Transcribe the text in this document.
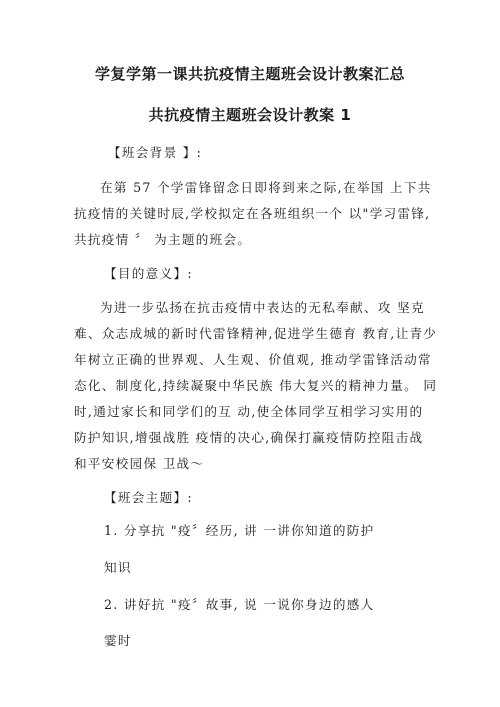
学复学第一课共抗疫情主题班会设计教案汇总
共抗疫情主题班会设计教案 1
【班会背景 】:
在第 57 个学雷锋留念日即将到来之际,在举国 上下共
抗疫情的关键时辰,学校拟定在各班组织一个 以"学习雷锋,
共抗疫情 〞 为主题的班会。
【目的意义】:
为进一步弘扬在抗击疫情中表达的无私奉献、攻 坚克
难、众志成城的新时代雷锋精神,促进学生德育 教育,让青少
年树立正确的世界观、人生观、价值观, 推动学雷锋活动常
态化、制度化,持续凝聚中华民族 伟大复兴的精神力量。 同
时,通过家长和同学们的互 动,使全体同学互相学习实用的
防护知识,增强战胜 疫情的决心,确保打赢疫情防控阻击战
和平安校园保 卫战〜
【班会主题】:
1. 分享抗 "疫〞经历, 讲 一讲你知道的防护
知识
2. 讲好抗 "疫〞故事, 说 一说你身边的感人
霎时
